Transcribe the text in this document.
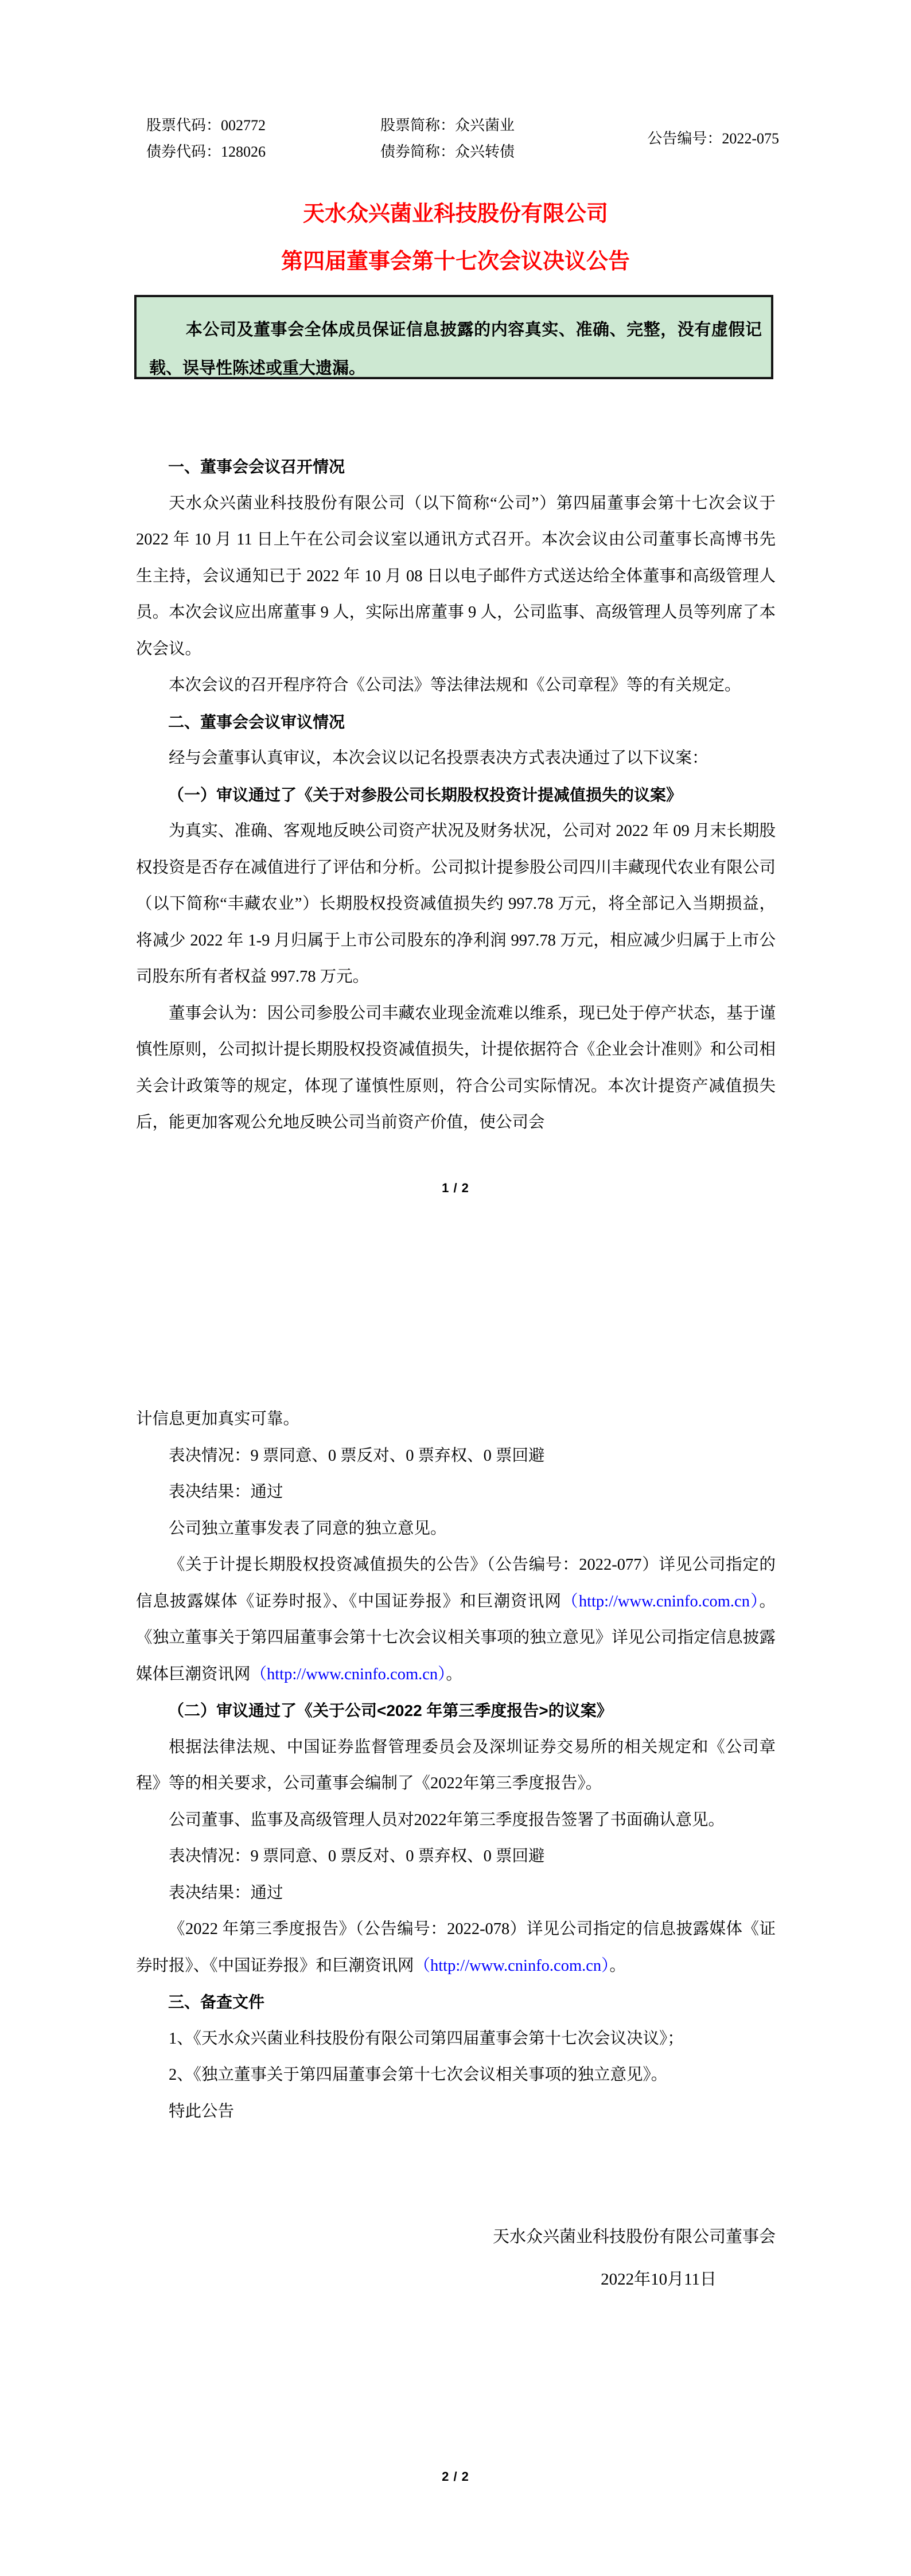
股票代码：002772
债券代码：128026
股票简称：众兴菌业
债券简称：众兴转债
公告编号：2022-075
天水众兴菌业科技股份有限公司
第四届董事会第十七次会议决议公告
本公司及董事会全体成员保证信息披露的内容真实、准确、完整，没有虚假记载、误导性陈述或重大遗漏。
一、董事会会议召开情况

天水众兴菌业科技股份有限公司（以下简称“公司”）第四届董事会第十七次会议于 2022 年 10 月 11 日上午在公司会议室以通讯方式召开。本次会议由公司董事长高博书先生主持，会议通知已于 2022 年 10 月 08 日以电子邮件方式送达给全体董事和高级管理人员。本次会议应出席董事 9 人，实际出席董事 9 人，公司监事、高级管理人员等列席了本次会议。

本次会议的召开程序符合《公司法》等法律法规和《公司章程》等的有关规定。

二、董事会会议审议情况

经与会董事认真审议，本次会议以记名投票表决方式表决通过了以下议案：

（一）审议通过了《关于对参股公司长期股权投资计提减值损失的议案》

为真实、准确、客观地反映公司资产状况及财务状况，公司对 2022 年 09 月末长期股权投资是否存在减值进行了评估和分析。公司拟计提参股公司四川丰藏现代农业有限公司（以下简称“丰藏农业”）长期股权投资减值损失约 997.78 万元，将全部记入当期损益，将减少 2022 年 1-9 月归属于上市公司股东的净利润 997.78 万元，相应减少归属于上市公司股东所有者权益 997.78 万元。

董事会认为：因公司参股公司丰藏农业现金流难以维系，现已处于停产状态，基于谨慎性原则，公司拟计提长期股权投资减值损失，计提依据符合《企业会计准则》和公司相关会计政策等的规定，体现了谨慎性原则，符合公司实际情况。本次计提资产减值损失后，能更加客观公允地反映公司当前资产价值，使公司会

1 / 2

计信息更加真实可靠。

表决情况：9 票同意、0 票反对、0 票弃权、0 票回避

表决结果：通过

公司独立董事发表了同意的独立意见。

《关于计提长期股权投资减值损失的公告》（公告编号：2022-077）详见公司指定的信息披露媒体《证券时报》、《中国证券报》和巨潮资讯网（http://www.cninfo.com.cn）。《独立董事关于第四届董事会第十七次会议相关事项的独立意见》详见公司指定信息披露媒体巨潮资讯网（http://www.cninfo.com.cn）。

（二）审议通过了《关于公司<2022 年第三季度报告>的议案》

根据法律法规、中国证券监督管理委员会及深圳证券交易所的相关规定和《公司章程》等的相关要求，公司董事会编制了《2022年第三季度报告》。

公司董事、监事及高级管理人员对2022年第三季度报告签署了书面确认意见。

表决情况：9 票同意、0 票反对、0 票弃权、0 票回避

表决结果：通过

《2022 年第三季度报告》（公告编号：2022-078）详见公司指定的信息披露媒体《证券时报》、《中国证券报》和巨潮资讯网（http://www.cninfo.com.cn）。

三、备查文件

1、《天水众兴菌业科技股份有限公司第四届董事会第十七次会议决议》；

2、《独立董事关于第四届董事会第十七次会议相关事项的独立意见》。

特此公告

天水众兴菌业科技股份有限公司董事会
2022年10月11日
2 / 2
